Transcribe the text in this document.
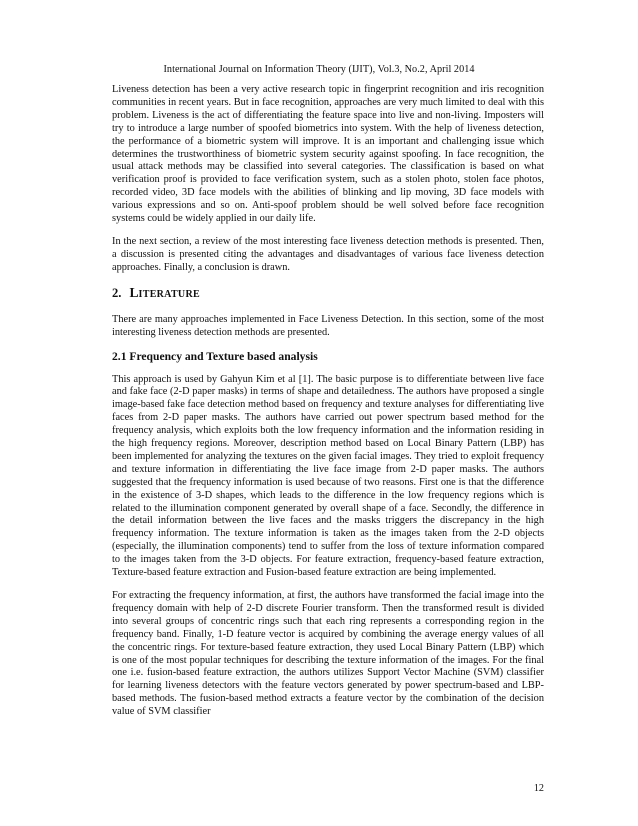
International Journal on Information Theory (IJIT), Vol.3, No.2, April 2014

Liveness detection has been a very active research topic in fingerprint recognition and iris recognition communities in recent years. But in face recognition, approaches are very much limited to deal with this problem. Liveness is the act of differentiating the feature space into live and non-living. Imposters will try to introduce a large number of spoofed biometrics into system. With the help of liveness detection, the performance of a biometric system will improve. It is an important and challenging issue which determines the trustworthiness of biometric system security against spoofing. In face recognition, the usual attack methods may be classified into several categories. The classification is based on what verification proof is provided to face verification system, such as a stolen photo, stolen face photos, recorded video, 3D face models with the abilities of blinking and lip moving, 3D face models with various expressions and so on. Anti-spoof problem should be well solved before face recognition systems could be widely applied in our daily life.

In the next section, a review of the most interesting face liveness detection methods is presented. Then, a discussion is presented citing the advantages and disadvantages of various face liveness detection approaches. Finally, a conclusion is drawn.

2. LITERATURE

There are many approaches implemented in Face Liveness Detection. In this section, some of the most interesting liveness detection methods are presented.

2.1 Frequency and Texture based analysis

This approach is used by Gahyun Kim et al [1]. The basic purpose is to differentiate between live face and fake face (2-D paper masks) in terms of shape and detailedness. The authors have proposed a single image-based fake face detection method based on frequency and texture analyses for differentiating live faces from 2-D paper masks. The authors have carried out power spectrum based method for the frequency analysis, which exploits both the low frequency information and the information residing in the high frequency regions. Moreover, description method based on Local Binary Pattern (LBP) has been implemented for analyzing the textures on the given facial images. They tried to exploit frequency and texture information in differentiating the live face image from 2-D paper masks. The authors suggested that the frequency information is used because of two reasons. First one is that the difference in the existence of 3-D shapes, which leads to the difference in the low frequency regions which is related to the illumination component generated by overall shape of a face. Secondly, the difference in the detail information between the live faces and the masks triggers the discrepancy in the high frequency information. The texture information is taken as the images taken from the 2-D objects (especially, the illumination components) tend to suffer from the loss of texture information compared to the images taken from the 3-D objects. For feature extraction, frequency-based feature extraction, Texture-based feature extraction and Fusion-based feature extraction are being implemented.

For extracting the frequency information, at first, the authors have transformed the facial image into the frequency domain with help of 2-D discrete Fourier transform. Then the transformed result is divided into several groups of concentric rings such that each ring represents a corresponding region in the frequency band. Finally, 1-D feature vector is acquired by combining the average energy values of all the concentric rings. For texture-based feature extraction, they used Local Binary Pattern (LBP) which is one of the most popular techniques for describing the texture information of the images. For the final one i.e. fusion-based feature extraction, the authors utilizes Support Vector Machine (SVM) classifier for learning liveness detectors with the feature vectors generated by power spectrum-based and LBP-based methods. The fusion-based method extracts a feature vector by the combination of the decision value of SVM classifier

12
